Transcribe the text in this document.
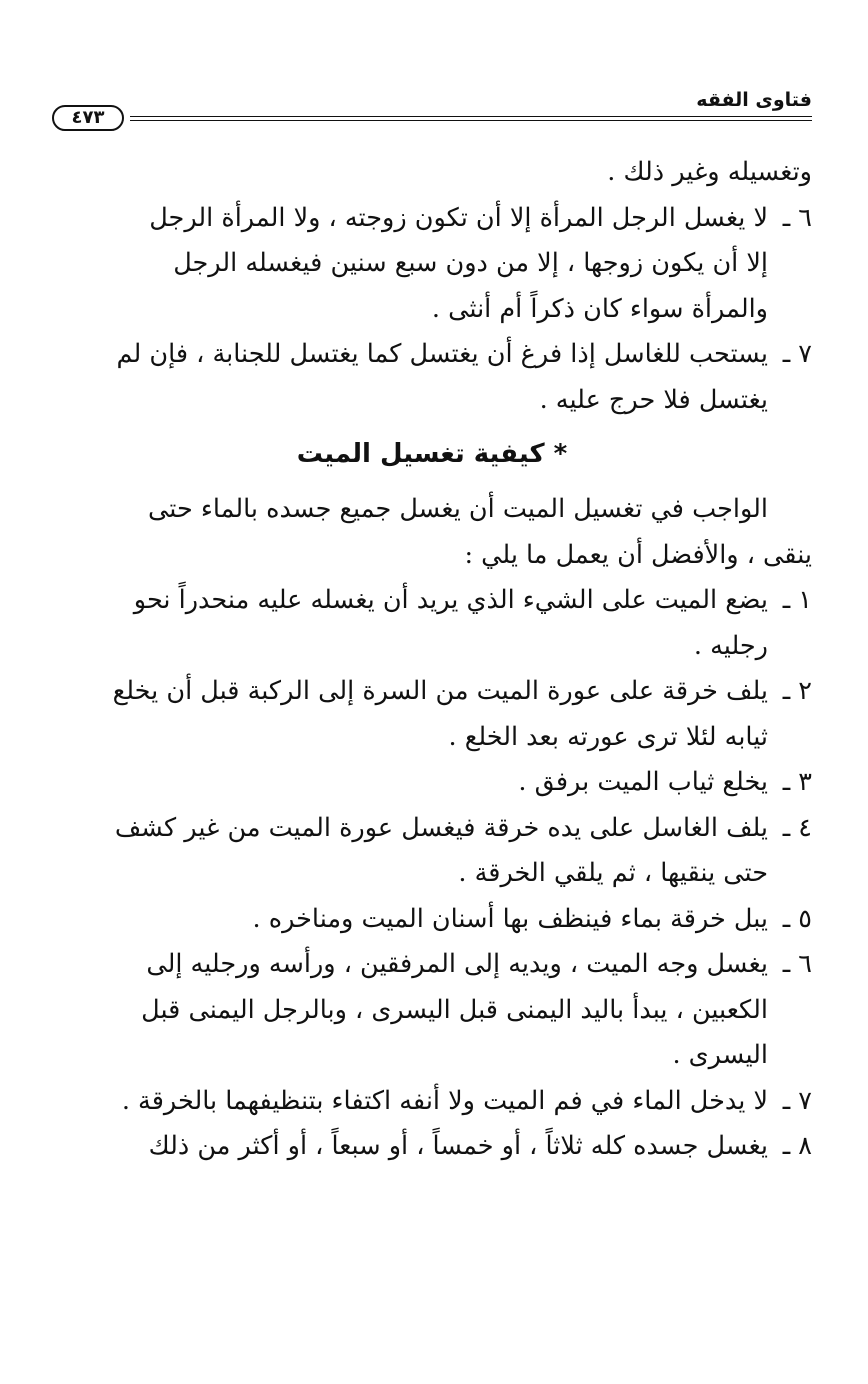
فتاوى الفقه
٤٧٣
وتغسيله وغير ذلك .
٦ ـ
لا يغسل الرجل المرأة إلا أن تكون زوجته ، ولا المرأة الرجل
إلا أن يكون زوجها ، إلا من دون سبع سنين فيغسله الرجل
والمرأة سواء كان ذكراً أم أنثى .
٧ ـ
يستحب للغاسل إذا فرغ أن يغتسل كما يغتسل للجنابة ، فإن لم
يغتسل فلا حرج عليه .
* كيفية تغسيل الميت
الواجب في تغسيل الميت أن يغسل جميع جسده بالماء حتى
ينقى ، والأفضل أن يعمل ما يلي :
١ ـ
يضع الميت على الشيء الذي يريد أن يغسله عليه منحدراً نحو
رجليه .
٢ ـ
يلف خرقة على عورة الميت من السرة إلى الركبة قبل أن يخلع
ثيابه لئلا ترى عورته بعد الخلع .
٣ ـ
يخلع ثياب الميت برفق .
٤ ـ
يلف الغاسل على يده خرقة فيغسل عورة الميت من غير كشف
حتى ينقيها ، ثم يلقي الخرقة .
٥ ـ
يبل خرقة بماء فينظف بها أسنان الميت ومناخره .
٦ ـ
يغسل وجه الميت ، ويديه إلى المرفقين ، ورأسه ورجليه إلى
الكعبين ، يبدأ باليد اليمنى قبل اليسرى ، وبالرجل اليمنى قبل
اليسرى .
٧ ـ
لا يدخل الماء في فم الميت ولا أنفه اكتفاء بتنظيفهما بالخرقة .
٨ ـ
يغسل جسده كله ثلاثاً ، أو خمساً ، أو سبعاً ، أو أكثر من ذلك
